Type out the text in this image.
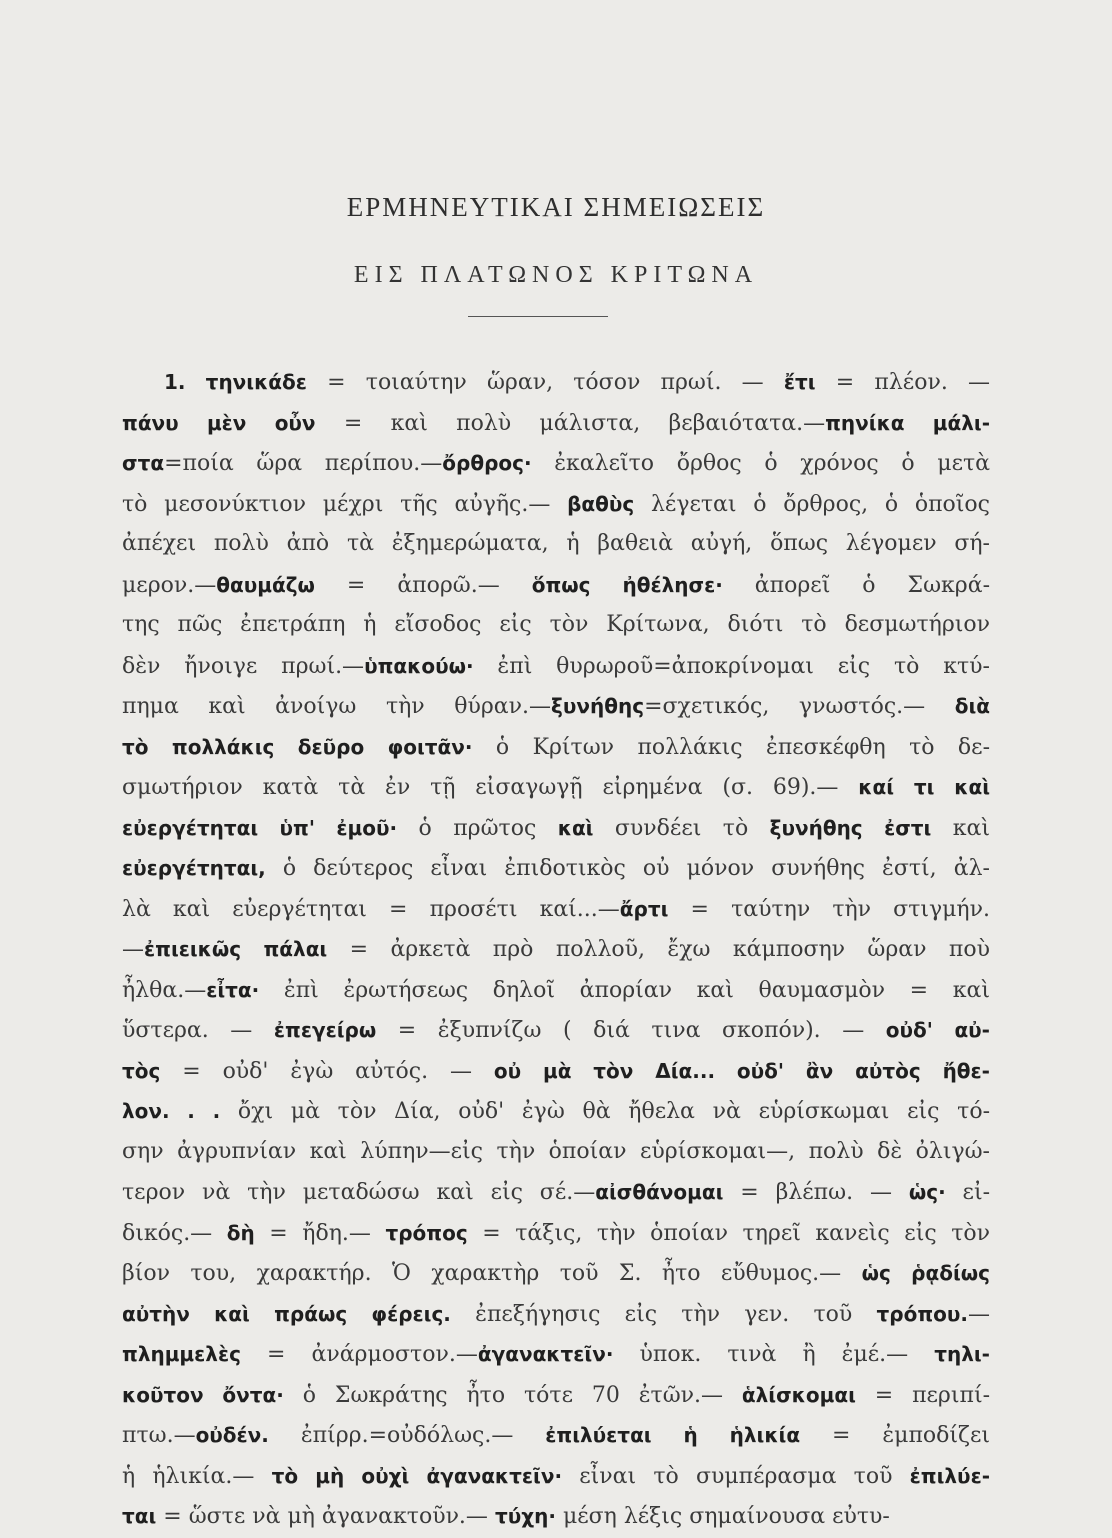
ΕΡΜΗΝΕΥΤΙΚΑΙ ΣΗΜΕΙΩΣΕΙΣ
ΕΙΣ ΠΛΑΤΩΝΟΣ ΚΡΙΤΩΝΑ
1. τηνικάδε = τοιαύτην ὥραν, τόσον πρωί. — ἔτι = πλέον. —
πάνυ μὲν οὖν = καὶ πολὺ μάλιστα, βεβαιότατα.—πηνίκα μάλι-
στα=ποία ὥρα περίπου.—ὄρθρος· ἐκαλεῖτο ὄρθος ὁ χρόνος ὁ μετὰ
τὸ μεσονύκτιον μέχρι τῆς αὐγῆς.— βαθὺς λέγεται ὁ ὄρθρος, ὁ ὁποῖος
ἀπέχει πολὺ ἀπὸ τὰ ἐξημερώματα, ἡ βαθειὰ αὐγή, ὅπως λέγομεν σή-
μερον.—θαυμάζω = ἀπορῶ.— ὅπως ἠθέλησε· ἀπορεῖ ὁ Σωκρά-
της πῶς ἐπετράπη ἡ εἴσοδος εἰς τὸν Κρίτωνα, διότι τὸ δεσμωτήριον
δὲν ἤνοιγε πρωί.—ὑπακούω· ἐπὶ θυρωροῦ=ἀποκρίνομαι εἰς τὸ κτύ-
πημα καὶ ἀνοίγω τὴν θύραν.—ξυνήθης=σχετικός, γνωστός.— διὰ
τὸ πολλάκις δεῦρο φοιτᾶν· ὁ Κρίτων πολλάκις ἐπεσκέφθη τὸ δε-
σμωτήριον κατὰ τὰ ἐν τῇ εἰσαγωγῇ εἰρημένα (σ. 69).— καί τι καὶ
εὐεργέτηται ὑπ' ἐμοῦ· ὁ πρῶτος καὶ συνδέει τὸ ξυνήθης ἐστι καὶ
εὐεργέτηται, ὁ δεύτερος εἶναι ἐπιδοτικὸς οὐ μόνον συνήθης ἐστί, ἀλ-
λὰ καὶ εὐεργέτηται = προσέτι καί...—ἄρτι = ταύτην τὴν στιγμήν.
—ἐπιεικῶς πάλαι = ἀρκετὰ πρὸ πολλοῦ, ἔχω κάμποσην ὥραν ποὺ
ἦλθα.—εἶτα· ἐπὶ ἐρωτήσεως δηλοῖ ἀπορίαν καὶ θαυμασμὸν = καὶ
ὕστερα. — ἐπεγείρω = ἐξυπνίζω ( διά τινα σκοπόν). — οὐδ' αὐ-
τὸς = οὐδ' ἐγὼ αὐτός. — οὐ μὰ τὸν Δία... οὐδ' ἂν αὐτὸς ἤθε-
λον. . . ὄχι μὰ τὸν Δία, οὐδ' ἐγὼ θὰ ἤθελα νὰ εὑρίσκωμαι εἰς τό-
σην ἀγρυπνίαν καὶ λύπην—εἰς τὴν ὁποίαν εὑρίσκομαι—, πολὺ δὲ ὀλιγώ-
τερον νὰ τὴν μεταδώσω καὶ εἰς σέ.—αἰσθάνομαι = βλέπω. — ὡς· εἰ-
δικός.— δὴ = ἤδη.— τρόπος = τάξις, τὴν ὁποίαν τηρεῖ κανεὶς εἰς τὸν
βίον του, χαρακτήρ. Ὁ χαρακτὴρ τοῦ Σ. ἦτο εὔθυμος.— ὡς ῥᾳδίως
αὐτὴν καὶ πράως φέρεις. ἐπεξήγησις εἰς τὴν γεν. τοῦ τρόπου.—
πλημμελὲς = ἀνάρμοστον.—ἀγανακτεῖν· ὑποκ. τινὰ ἢ ἐμέ.— τηλι-
κοῦτον ὄντα· ὁ Σωκράτης ἦτο τότε 70 ἐτῶν.— ἁλίσκομαι = περιπί-
πτω.—οὐδέν. ἐπίρρ.=οὐδόλως.— ἐπιλύεται ἡ ἡλικία = ἐμποδίζει
ἡ ἡλικία.— τὸ μὴ οὐχὶ ἀγανακτεῖν· εἶναι τὸ συμπέρασμα τοῦ ἐπιλύε-
ται = ὥστε νὰ μὴ ἀγανακτοῦν.— τύχη· μέση λέξις σημαίνουσα εὐτυ-
